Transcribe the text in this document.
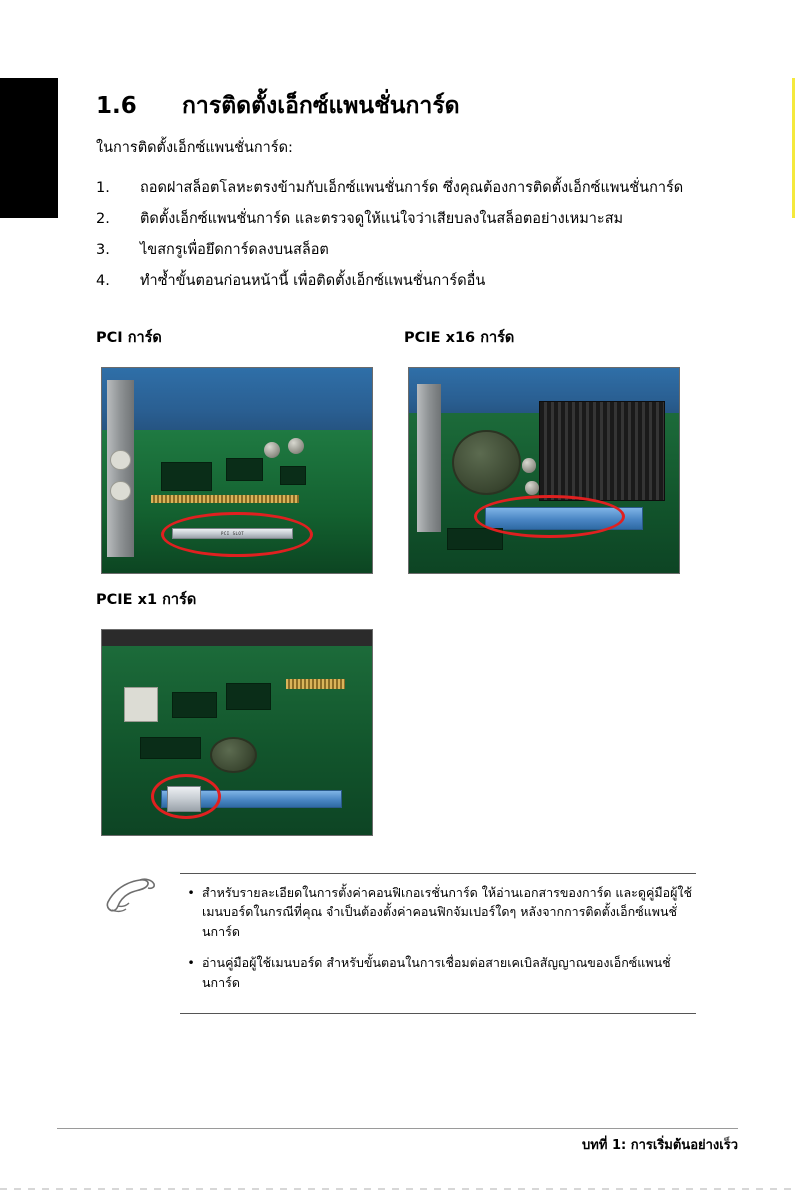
1.6	การติดตั้งเอ็กซ์แพนชั่นการ์ด
ในการติดตั้งเอ็กซ์แพนชั่นการ์ด:
1.	ถอดฝาสล็อตโลหะตรงข้ามกับเอ็กซ์แพนชั่นการ์ด ซึ่งคุณต้องการติดตั้งเอ็กซ์แพนชั่นการ์ด
2.	ติดตั้งเอ็กซ์แพนชั่นการ์ด และตรวจดูให้แน่ใจว่าเสียบลงในสล็อตอย่างเหมาะสม
3.	ไขสกรูเพื่อยึดการ์ดลงบนสล็อต
4.	ทำซ้ำขั้นตอนก่อนหน้านี้ เพื่อติดตั้งเอ็กซ์แพนชั่นการ์ดอื่น
PCI การ์ด	PCIE x16 การ์ด
PCIE x1 การ์ด
PCI SLOT
• สำหรับรายละเอียดในการตั้งค่าคอนฟิเกอเรชั่นการ์ด ให้อ่านเอกสารของการ์ด และดูคู่มือผู้ใช้เมนบอร์ดในกรณีที่คุณ จำเป็นต้องตั้งค่าคอนฟิกจัมเปอร์ใดๆ หลังจากการติดตั้งเอ็กซ์แพนชั่นการ์ด
• อ่านคู่มือผู้ใช้เมนบอร์ด สำหรับขั้นตอนในการเชื่อมต่อสายเคเบิลสัญญาณของเอ็กซ์แพนชั่นการ์ด
บทที่ 1: การเริ่มต้นอย่างเร็ว
